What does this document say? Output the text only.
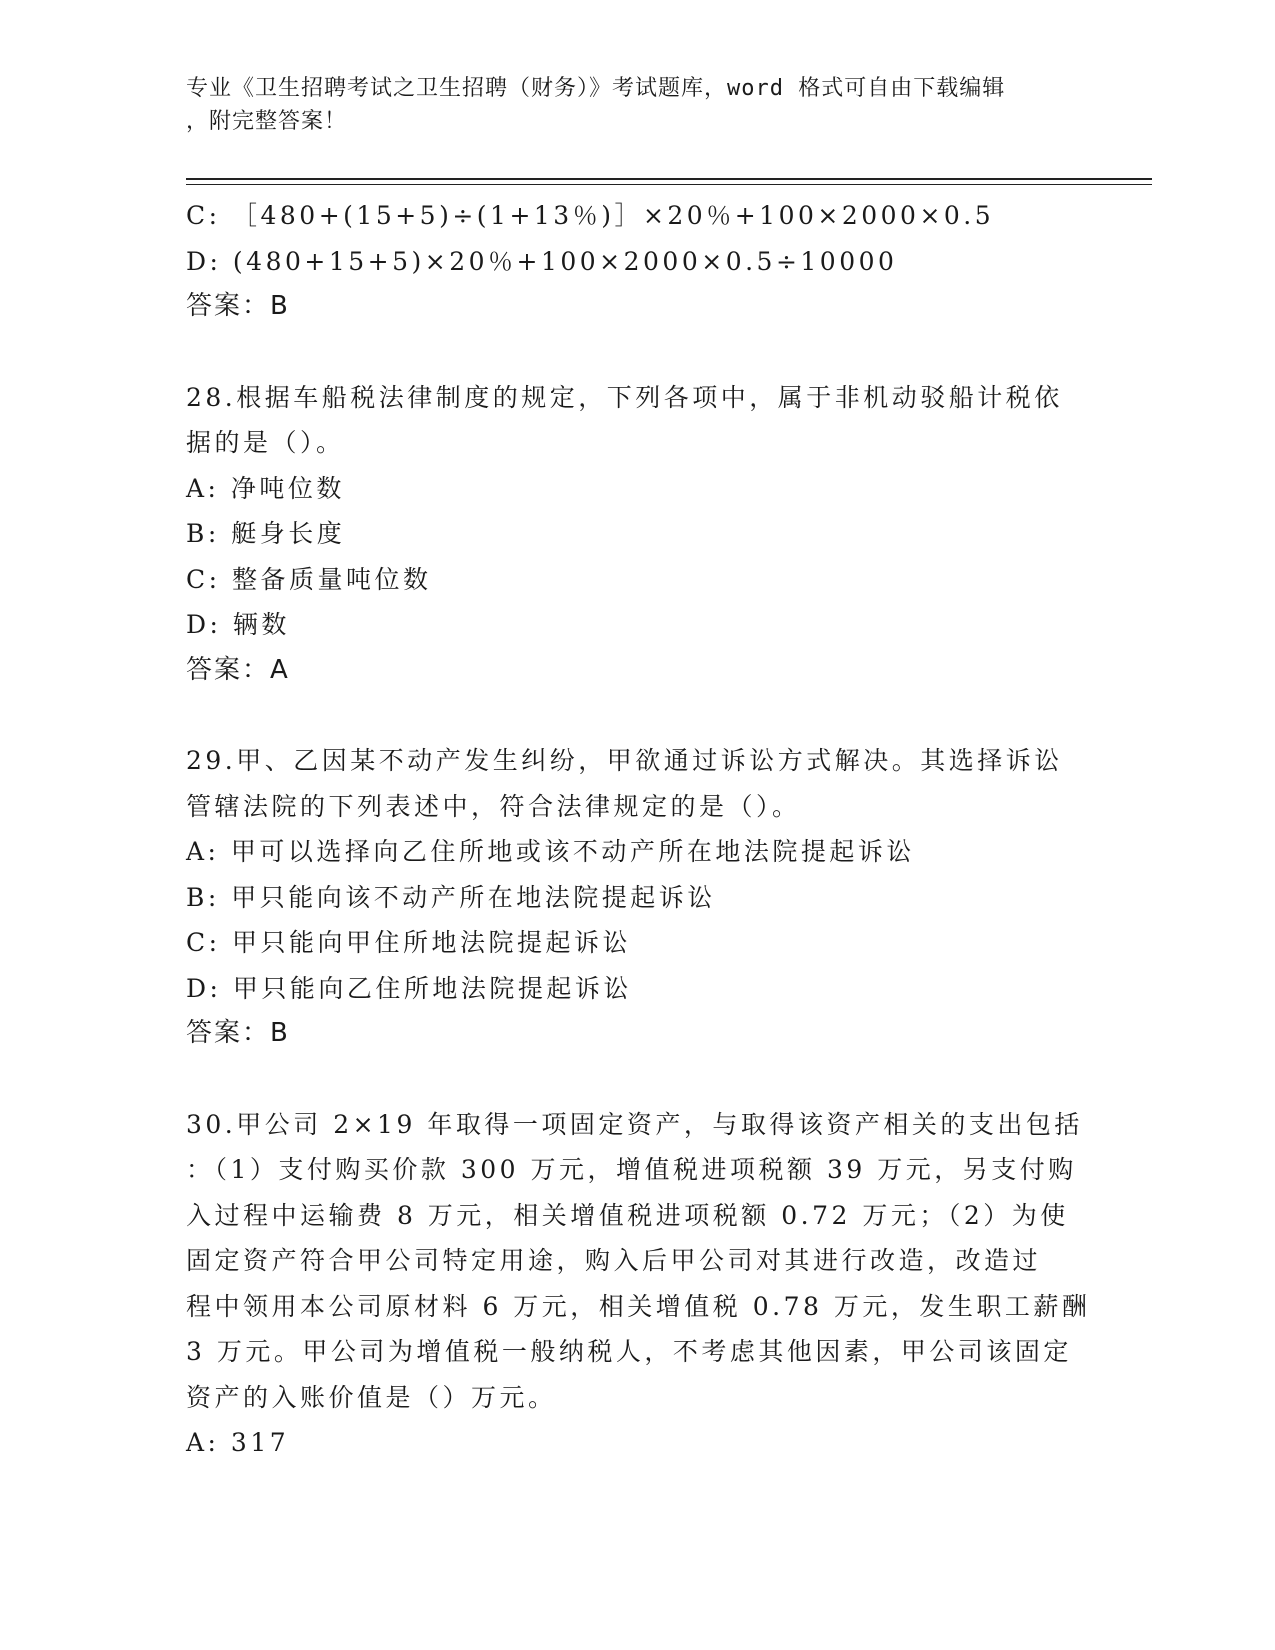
专业《卫生招聘考试之卫生招聘（财务）》考试题库，word 格式可自由下载编辑
，附完整答案！
C: ［480+(15+5)÷(1+13％)］×20％+100×2000×0.5
D: (480+15+5)×20％+100×2000×0.5÷10000
答案：B
28.根据车船税法律制度的规定，下列各项中，属于非机动驳船计税依
据的是（）。
A: 净吨位数
B: 艇身长度
C: 整备质量吨位数
D: 辆数
答案：A
29.甲、乙因某不动产发生纠纷，甲欲通过诉讼方式解决。其选择诉讼
管辖法院的下列表述中，符合法律规定的是（）。
A: 甲可以选择向乙住所地或该不动产所在地法院提起诉讼
B: 甲只能向该不动产所在地法院提起诉讼
C: 甲只能向甲住所地法院提起诉讼
D: 甲只能向乙住所地法院提起诉讼
答案：B
30.甲公司 2×19 年取得一项固定资产，与取得该资产相关的支出包括
：（1）支付购买价款 300 万元，增值税进项税额 39 万元，另支付购
入过程中运输费 8 万元，相关增值税进项税额 0.72 万元；（2）为使
固定资产符合甲公司特定用途，购入后甲公司对其进行改造，改造过
程中领用本公司原材料 6 万元，相关增值税 0.78 万元，发生职工薪酬
3 万元。甲公司为增值税一般纳税人，不考虑其他因素，甲公司该固定
资产的入账价值是（）万元。
A: 317
